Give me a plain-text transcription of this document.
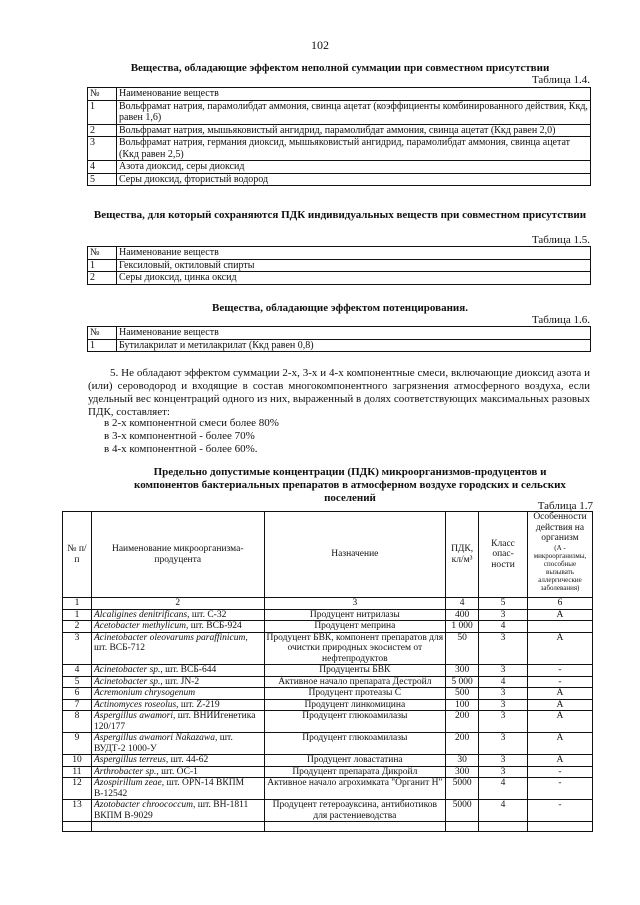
102
Вещества, обладающие эффектом неполной суммации при совместном присутствии
Таблица 1.4.
№	Наименование веществ
1	Вольфрамат натрия, парамолибдат аммония, свинца ацетат (коэффициенты комбинированного действия, Ккд, равен 1,6)
2	Вольфрамат натрия, мышьяковистый ангидрид, парамолибдат аммония, свинца ацетат (Ккд равен 2,0)
3	Вольфрамат натрия, германия диоксид, мышьяковистый ангидрид, парамолибдат аммония, свинца ацетат (Ккд равен 2,5)
4	Азота диоксид, серы диоксид
5	Серы диоксид, фтористый водород
Вещества, для который сохраняются ПДК индивидуальных веществ при совместном присутствии
Таблица 1.5.
№	Наименование веществ
1	Гексиловый, октиловый спирты
2	Серы диоксид, цинка оксид
Вещества, обладающие эффектом потенцирования.
Таблица 1.6.
№	Наименование веществ
1	Бутилакрилат и метилакрилат (Ккд равен 0,8)
5. Не обладают эффектом суммации 2-х, 3-х и 4-х компонентные смеси, включающие диоксид азота и (или) сероводород и входящие в состав многокомпонентного загрязнения атмосферного воздуха, если удельный вес концентраций одного из них, выраженный в долях соответствующих максимальных разовых ПДК, составляет:
в 2-х компонентной смеси более 80%
в 3-х компонентной - более 70%
в 4-х компонентной - более 60%.
Предельно допустимые концентрации (ПДК) микроорганизмов-продуцентов и компонентов бактериальных препаратов в атмосферном воздухе городских и сельских поселений
Таблица 1.7
№ п/п	Наименование микроорганизма-продуцента	Назначение	ПДК, кл/м³	Класс опас- ности	Особенности действия на организм
(А - микроорганизмы, способные вызывать аллергические заболевания)

1	2	3	4	5	6
1	Alcaligines denitrificans, шт. С-32	Продуцент нитрилазы	400	3	А
2	Acetobacter methylicum, шт. ВСБ-924	Продуцент меприна	1 000	4	
3	Acinetobacter oleovarums paraffinicum, шт. ВСБ-712	Продуцент БВК, компонент препаратов для очистки природных экосистем от нефтепродуктов	50	3	А
4	Acinetobacter sp., шт. ВСБ-644	Продуценты БВК	300	3	-
5	Acinetobacter sp., шт. JN-2	Активное начало препарата Дестройл	5 000	4	-
6	Acremonium chrysogenum	Продуцент протеазы С	500	3	А
7	Actinomyces roseolus, шт. Z-219	Продуцент линкомицина	100	3	А
8	Aspergillus awamori, шт. ВНИИгенетика 120/177	Продуцент глюкоамилазы	200	3	А
9	Aspergillus awamori Nakazawa, шт. ВУДТ-2 1000-У	Продуцент глюкоамилазы	200	3	А
10	Aspergillus terreus, шт. 44-62	Продуцент ловастатина	30	3	А
11	Arthrobacter sp., шт. ОС-1	Продуцент препарата Дикройл	300	3	-
12	Azospirillum zeae, шт. OPN-14 ВКПМ В-12542	Активное начало агрохимката "Органит Н"	5000	4	-
13	Azotobacter chroococcum, шт. ВН-1811 ВКПМ В-9029	Продуцент гетероауксина, антибиотиков для растениеводства	5000	4	-
